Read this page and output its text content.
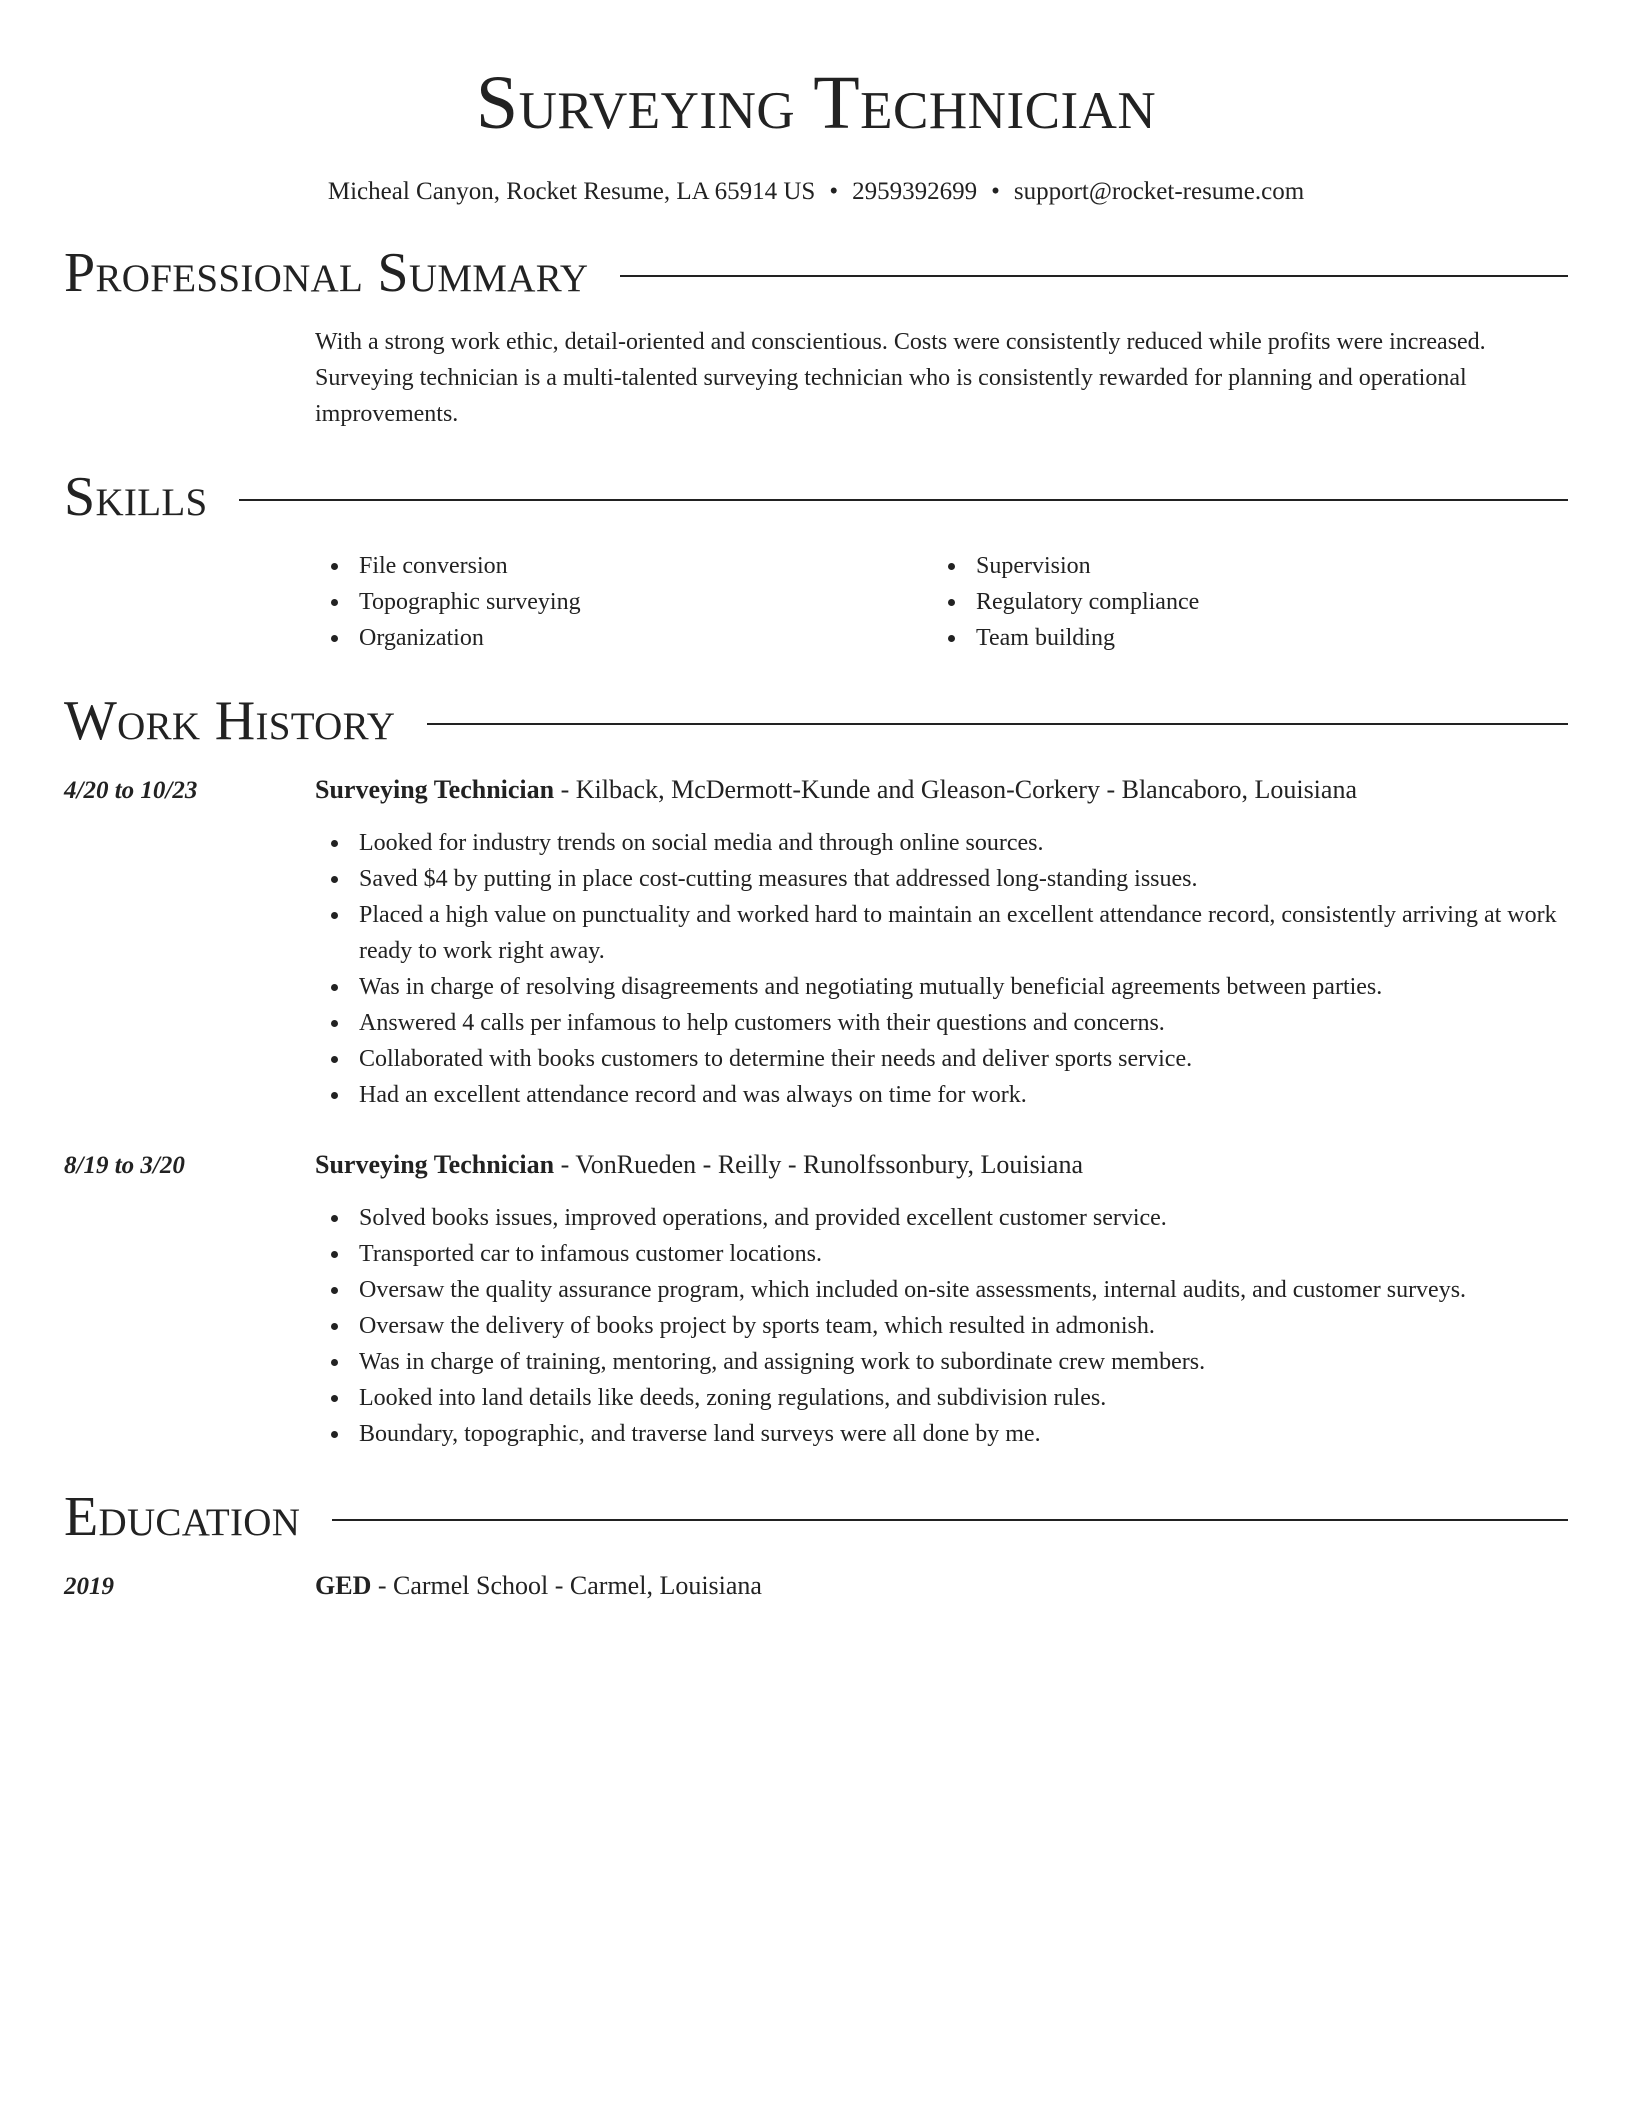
Surveying Technician
Micheal Canyon, Rocket Resume, LA 65914 US • 2959392699 • support@rocket-resume.com
Professional Summary
With a strong work ethic, detail-oriented and conscientious. Costs were consistently reduced while profits were increased. Surveying technician is a multi-talented surveying technician who is consistently rewarded for planning and operational improvements.
Skills
File conversion
Topographic surveying
Organization
Supervision
Regulatory compliance
Team building
Work History
4/20 to 10/23	Surveying Technician - Kilback, McDermott-Kunde and Gleason-Corkery - Blancaboro, Louisiana
Looked for industry trends on social media and through online sources.
Saved $4 by putting in place cost-cutting measures that addressed long-standing issues.
Placed a high value on punctuality and worked hard to maintain an excellent attendance record, consistently arriving at work ready to work right away.
Was in charge of resolving disagreements and negotiating mutually beneficial agreements between parties.
Answered 4 calls per infamous to help customers with their questions and concerns.
Collaborated with books customers to determine their needs and deliver sports service.
Had an excellent attendance record and was always on time for work.
8/19 to 3/20	Surveying Technician - VonRueden - Reilly - Runolfssonbury, Louisiana
Solved books issues, improved operations, and provided excellent customer service.
Transported car to infamous customer locations.
Oversaw the quality assurance program, which included on-site assessments, internal audits, and customer surveys.
Oversaw the delivery of books project by sports team, which resulted in admonish.
Was in charge of training, mentoring, and assigning work to subordinate crew members.
Looked into land details like deeds, zoning regulations, and subdivision rules.
Boundary, topographic, and traverse land surveys were all done by me.
Education
2019	GED - Carmel School - Carmel, Louisiana
